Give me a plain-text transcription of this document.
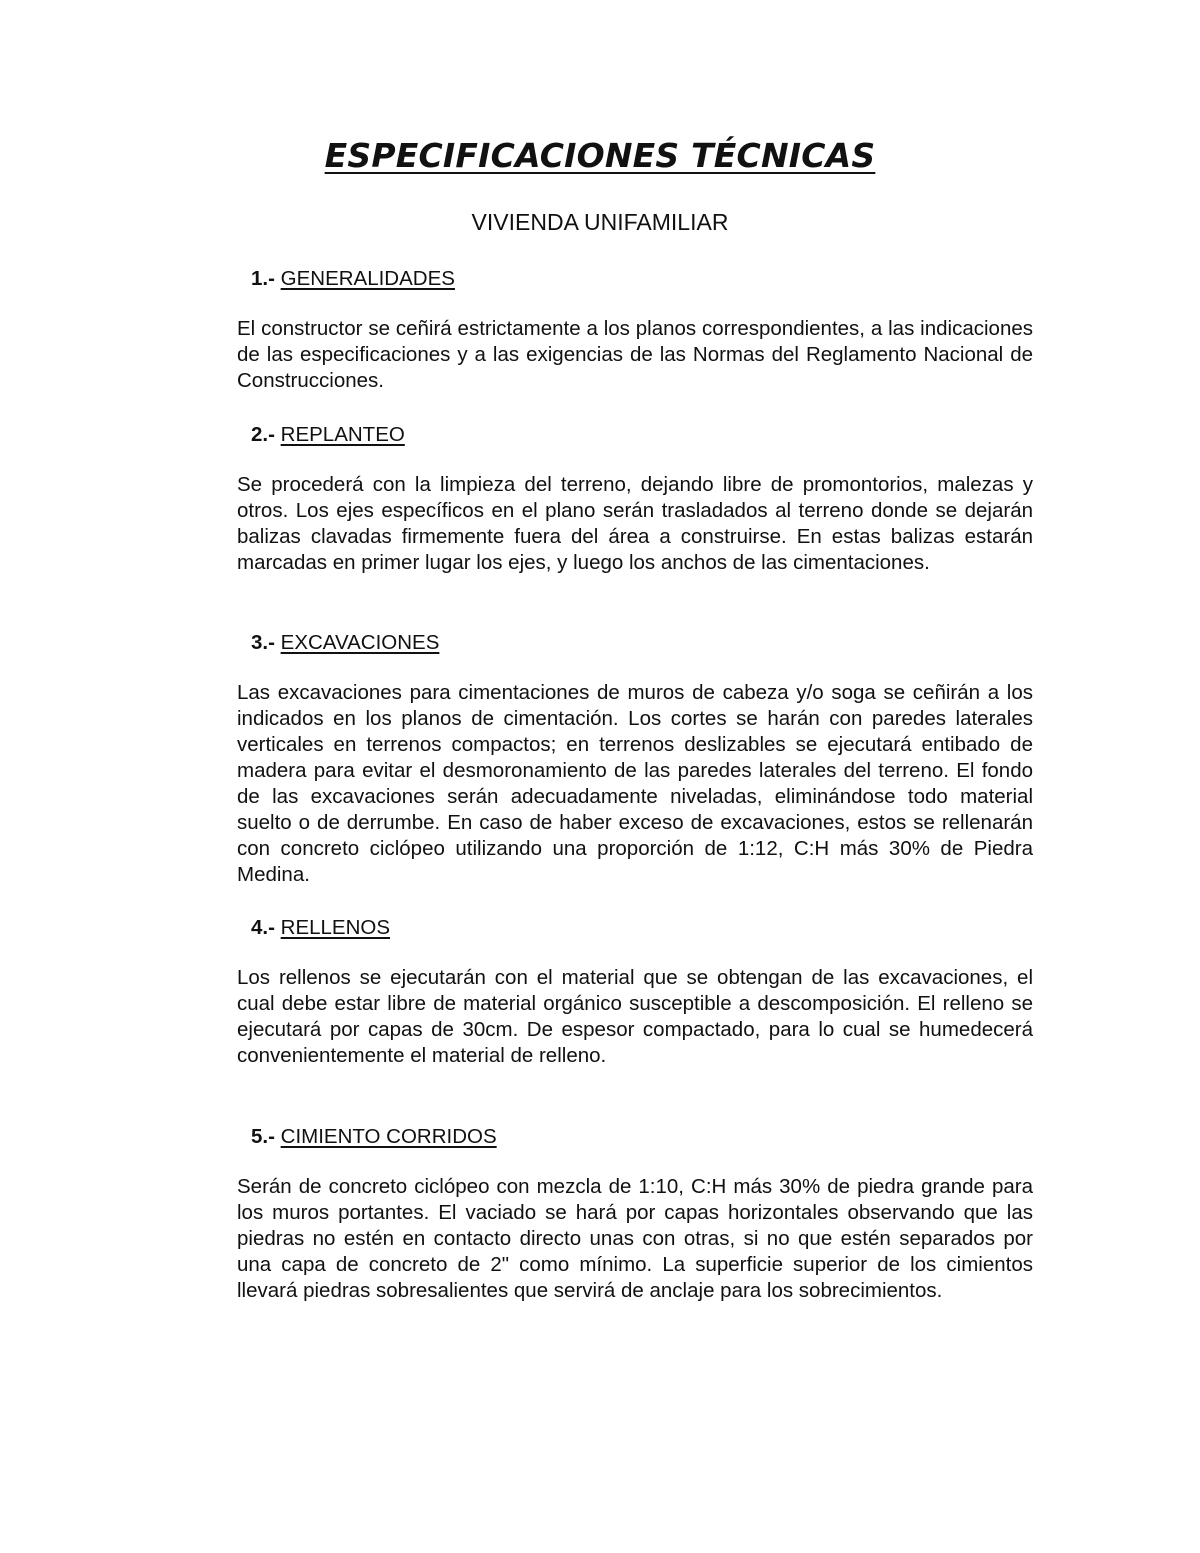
ESPECIFICACIONES TÉCNICAS
VIVIENDA UNIFAMILIAR
1.- GENERALIDADES

El constructor se ceñirá estrictamente a los planos correspondientes, a las indicaciones de las especificaciones y a las exigencias de las Normas del Reglamento Nacional de Construcciones.

2.- REPLANTEO

Se procederá con la limpieza del terreno, dejando libre de promontorios, malezas y otros. Los ejes específicos en el plano serán trasladados al terreno donde se dejarán balizas clavadas firmemente fuera del área a construirse. En estas balizas estarán marcadas en primer lugar los ejes, y luego los anchos de las cimentaciones.

3.- EXCAVACIONES

Las excavaciones para cimentaciones de muros de cabeza y/o soga se ceñirán a los indicados en los planos de cimentación. Los cortes se harán con paredes laterales verticales en terrenos compactos; en terrenos deslizables se ejecutará entibado de madera para evitar el desmoronamiento de las paredes laterales del terreno. El fondo de las excavaciones serán adecuadamente niveladas, eliminándose todo material suelto o de derrumbe. En caso de haber exceso de excavaciones, estos se rellenarán con concreto ciclópeo utilizando una proporción de 1:12, C:H más 30% de Piedra Medina.

4.- RELLENOS

Los rellenos se ejecutarán con el material que se obtengan de las excavaciones, el cual debe estar libre de material orgánico susceptible a descomposición. El relleno se ejecutará por capas de 30cm. De espesor compactado, para lo cual se humedecerá convenientemente el material de relleno.

5.- CIMIENTO CORRIDOS

Serán de concreto ciclópeo con mezcla de 1:10, C:H más 30% de piedra grande para los muros portantes. El vaciado se hará por capas horizontales observando que las piedras no estén en contacto directo unas con otras, si no que estén separados por una capa de concreto de 2" como mínimo. La superficie superior de los cimientos llevará piedras sobresalientes que servirá de anclaje para los sobrecimientos.
